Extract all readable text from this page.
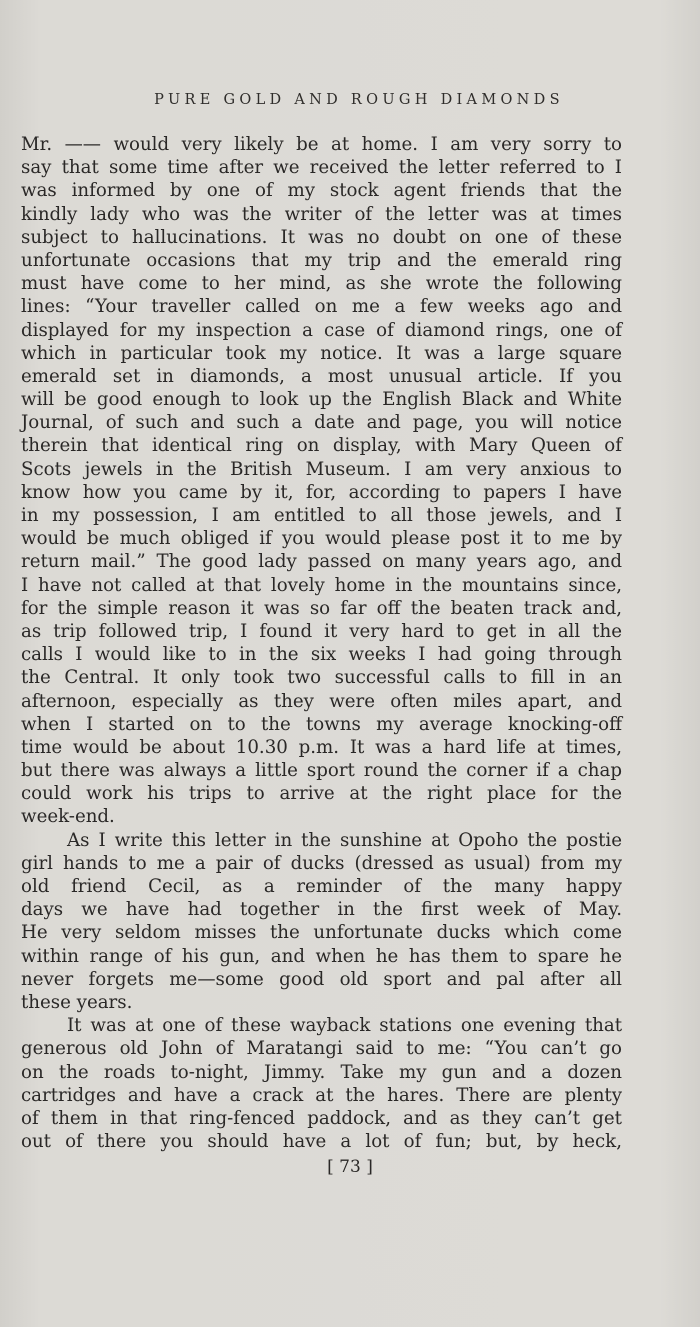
PURE GOLD AND ROUGH DIAMONDS
Mr. —— would very likely be at home. I am very sorry to
say that some time after we received the letter referred to I
was informed by one of my stock agent friends that the
kindly lady who was the writer of the letter was at times
subject to hallucinations. It was no doubt on one of these
unfortunate occasions that my trip and the emerald ring
must have come to her mind, as she wrote the following
lines: “Your traveller called on me a few weeks ago and
displayed for my inspection a case of diamond rings, one of
which in particular took my notice. It was a large square
emerald set in diamonds, a most unusual article. If you
will be good enough to look up the English Black and White
Journal, of such and such a date and page, you will notice
therein that identical ring on display, with Mary Queen of
Scots jewels in the British Museum. I am very anxious to
know how you came by it, for, according to papers I have
in my possession, I am entitled to all those jewels, and I
would be much obliged if you would please post it to me by
return mail.” The good lady passed on many years ago, and
I have not called at that lovely home in the mountains since,
for the simple reason it was so far off the beaten track and,
as trip followed trip, I found it very hard to get in all the
calls I would like to in the six weeks I had going through
the Central. It only took two successful calls to fill in an
afternoon, especially as they were often miles apart, and
when I started on to the towns my average knocking-off
time would be about 10.30 p.m. It was a hard life at times,
but there was always a little sport round the corner if a chap
could work his trips to arrive at the right place for the
week-end.
As I write this letter in the sunshine at Opoho the postie
girl hands to me a pair of ducks (dressed as usual) from my
old friend Cecil, as a reminder of the many happy
days we have had together in the first week of May.
He very seldom misses the unfortunate ducks which come
within range of his gun, and when he has them to spare he
never forgets me—some good old sport and pal after all
these years.
It was at one of these wayback stations one evening that
generous old John of Maratangi said to me: “You can’t go
on the roads to-night, Jimmy. Take my gun and a dozen
cartridges and have a crack at the hares. There are plenty
of them in that ring-fenced paddock, and as they can’t get
out of there you should have a lot of fun; but, by heck,
[ 73 ]
